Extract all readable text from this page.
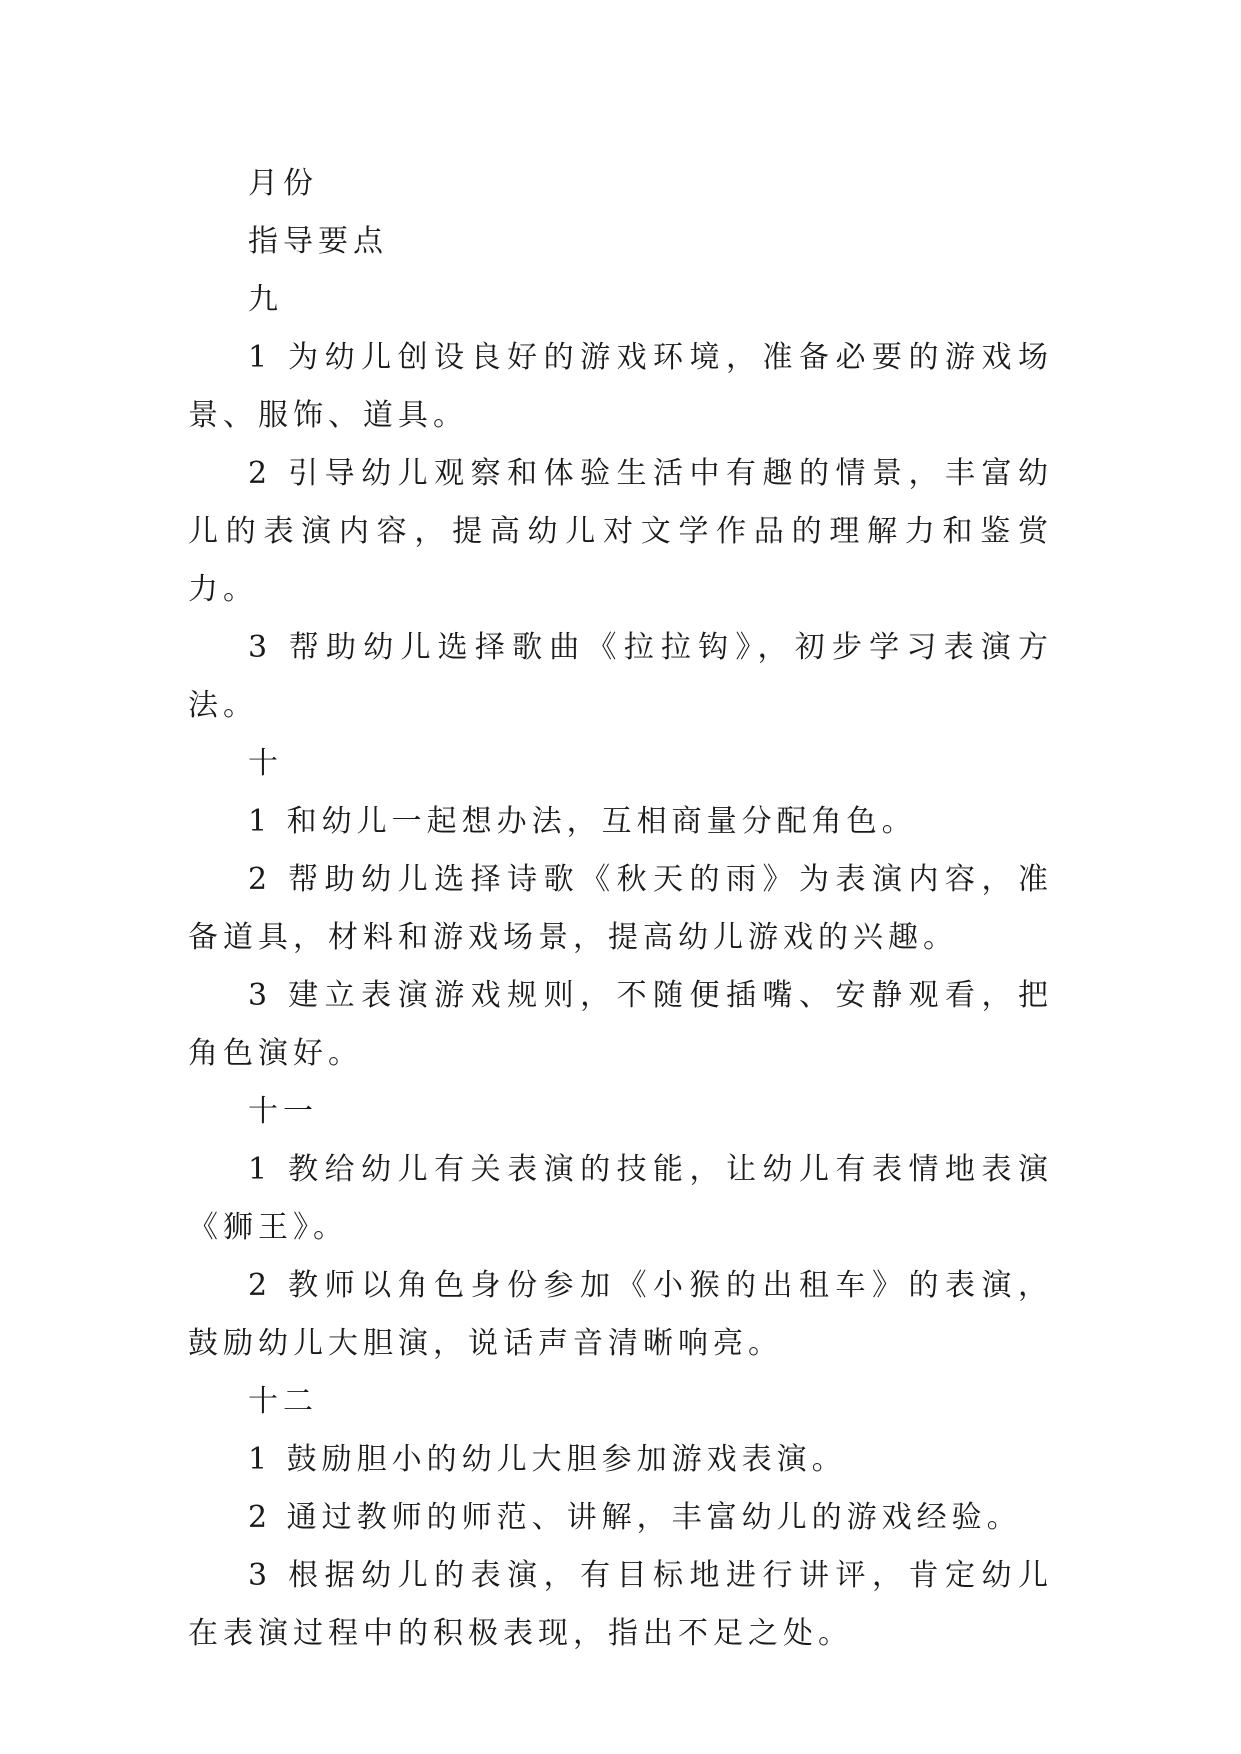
月份

指导要点

九

1 为幼儿创设良好的游戏环境，准备必要的游戏场景、服饰、道具。

2 引导幼儿观察和体验生活中有趣的情景，丰富幼儿的表演内容，提高幼儿对文学作品的理解力和鉴赏力。

3 帮助幼儿选择歌曲《拉拉钩》，初步学习表演方法。

十

1 和幼儿一起想办法，互相商量分配角色。

2 帮助幼儿选择诗歌《秋天的雨》为表演内容，准备道具，材料和游戏场景，提高幼儿游戏的兴趣。

3 建立表演游戏规则，不随便插嘴、安静观看，把角色演好。

十一

1 教给幼儿有关表演的技能，让幼儿有表情地表演《狮王》。

2 教师以角色身份参加《小猴的出租车》的表演，鼓励幼儿大胆演，说话声音清晰响亮。

十二

1 鼓励胆小的幼儿大胆参加游戏表演。

2 通过教师的师范、讲解，丰富幼儿的游戏经验。

3 根据幼儿的表演，有目标地进行讲评，肯定幼儿在表演过程中的积极表现，指出不足之处。
